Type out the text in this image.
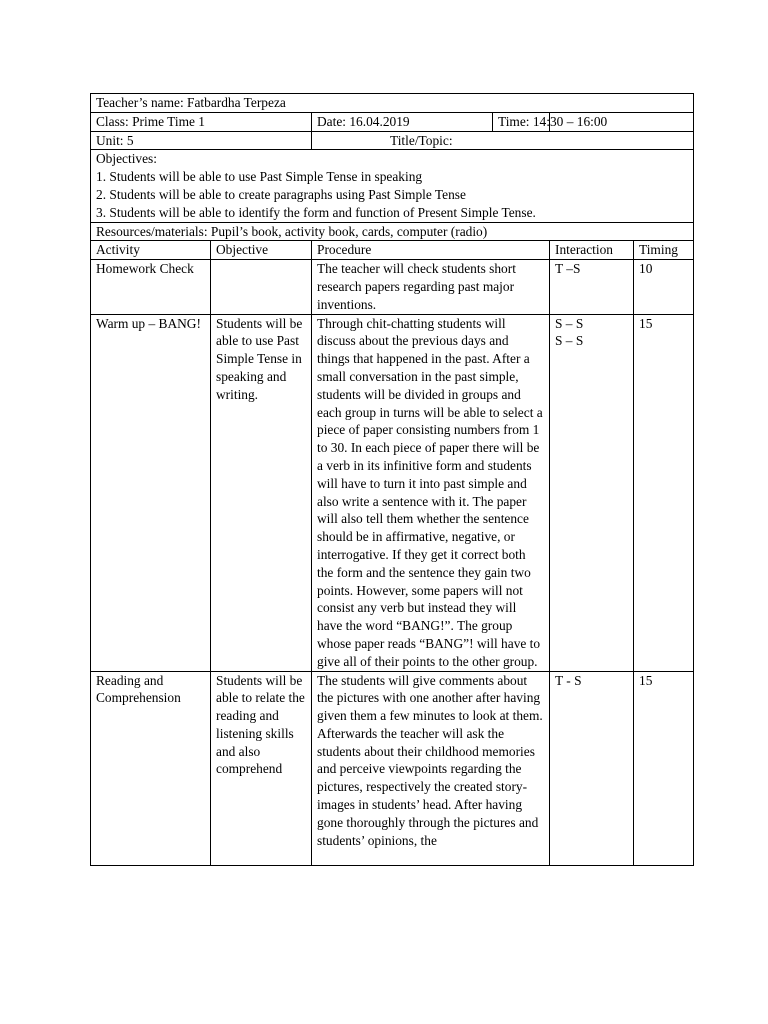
Teacher’s name: Fatbardha Terpeza				
Class: Prime Time 1		Date: 16.04.2019 Time: 14:30 – 16:00		

Unit: 5		Title/Topic:		

Objectives:
1. Students will be able to use Past Simple Tense in speaking
2. Students will be able to create paragraphs using Past Simple Tense
3. Students will be able to identify the form and function of Present Simple Tense.				

Resources/materials: Pupil’s book, activity book, cards, computer (radio)				
Activity	Objective	Procedure	Interaction	Timing
Homework Check		The teacher will check students short research papers regarding past major inventions.	T –S	10
Warm up – BANG!	Students will be able to use Past Simple Tense in speaking and writing.	Through chit-chatting students will discuss about the previous days and things that happened in the past. After a small conversation in the past simple, students will be divided in groups and each group in turns will be able to select a piece of paper consisting numbers from 1 to 30. In each piece of paper there will be a verb in its infinitive form and students will have to turn it into past simple and also write a sentence with it. The paper will also tell them whether the sentence should be in affirmative, negative, or interrogative. If they get it correct both the form and the sentence they gain two points. However, some papers will not consist any verb but instead they will have the word “BANG!”. The group whose paper reads “BANG”! will have to give all of their points to the other group.	S – S
S – S	15

Reading and Comprehension	Students will be able to relate the reading and listening skills and also comprehend	The students will give comments about the pictures with one another after having given them a few minutes to look at them. Afterwards the teacher will ask the students about their childhood memories and perceive viewpoints regarding the pictures, respectively the created story-images in students’ head. After having gone thoroughly through the pictures and students’ opinions, the	T - S	15
